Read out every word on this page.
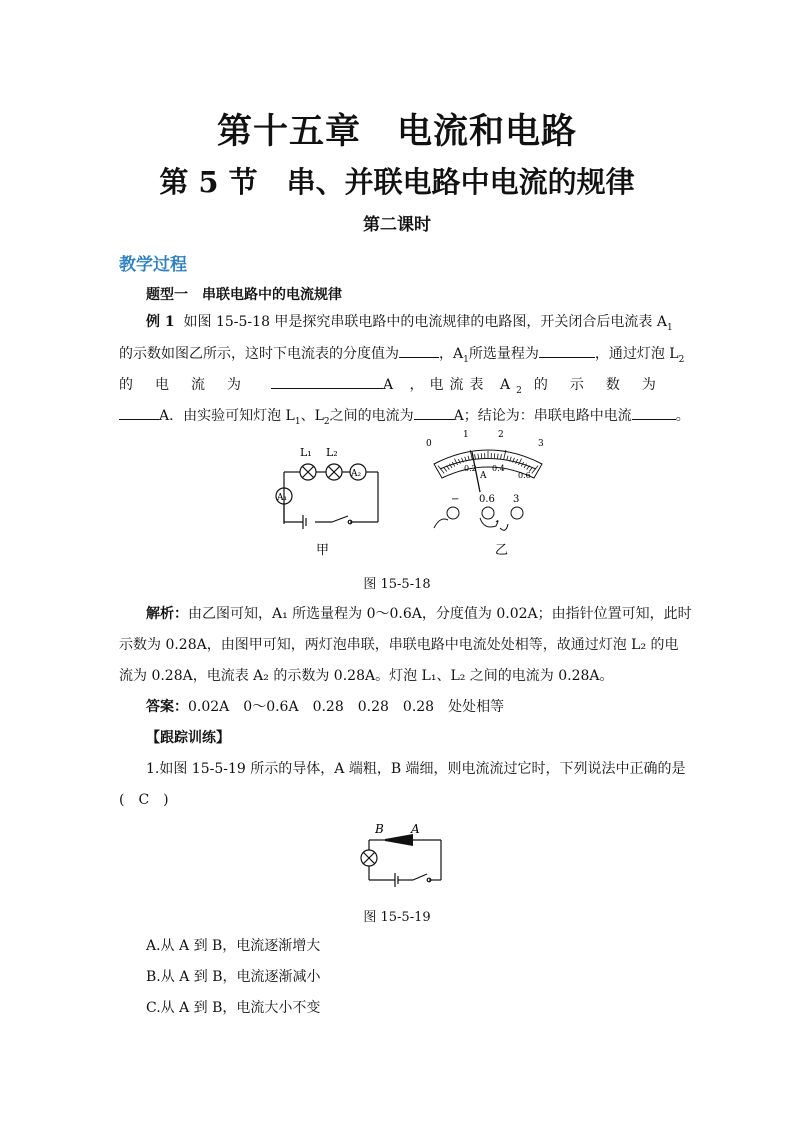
第十五章　电流和电路
第 5 节　串、并联电路中电流的规律
第二课时
教学过程
题型一　串联电路中的电流规律
例 1 如图 15-5-18 甲是探究串联电路中的电流规律的电路图，开关闭合后电流表 $A_1$
的示数如图乙所示，这时下电流表的分度值为	，$A_1$所选量程为	，通过灯泡 $L_2$
的电流为	A ，电流表 $A_2$ 的示数为
A．由实验可知灯泡 $L_1$、$L_2$之间的电流为	A；结论为：串联电路中电流	。
L₁ L₂
A₂
A₁
0
1	2
3
0.2 0.4
0.6
A
− 0.6 3
甲	乙
图 15-5-18
解析：由乙图可知，A₁ 所选量程为 0～0.6A，分度值为 0.02A；由指针位置可知，此时
示数为 0.28A，由图甲可知，两灯泡串联，串联电路中电流处处相等，故通过灯泡 L₂ 的电
流为 0.28A，电流表 A₂ 的示数为 0.28A。灯泡 L₁、L₂ 之间的电流为 0.28A。
答案：0.02A　0～0.6A　0.28　0.28　0.28　处处相等
【跟踪训练】
1.如图 15-5-19 所示的导体，A 端粗，B 端细，则电流流过它时，下列说法中正确的是
(　C　)
B A
图 15-5-19
A.从 A 到 B，电流逐渐增大
B.从 A 到 B，电流逐渐减小
C.从 A 到 B，电流大小不变
